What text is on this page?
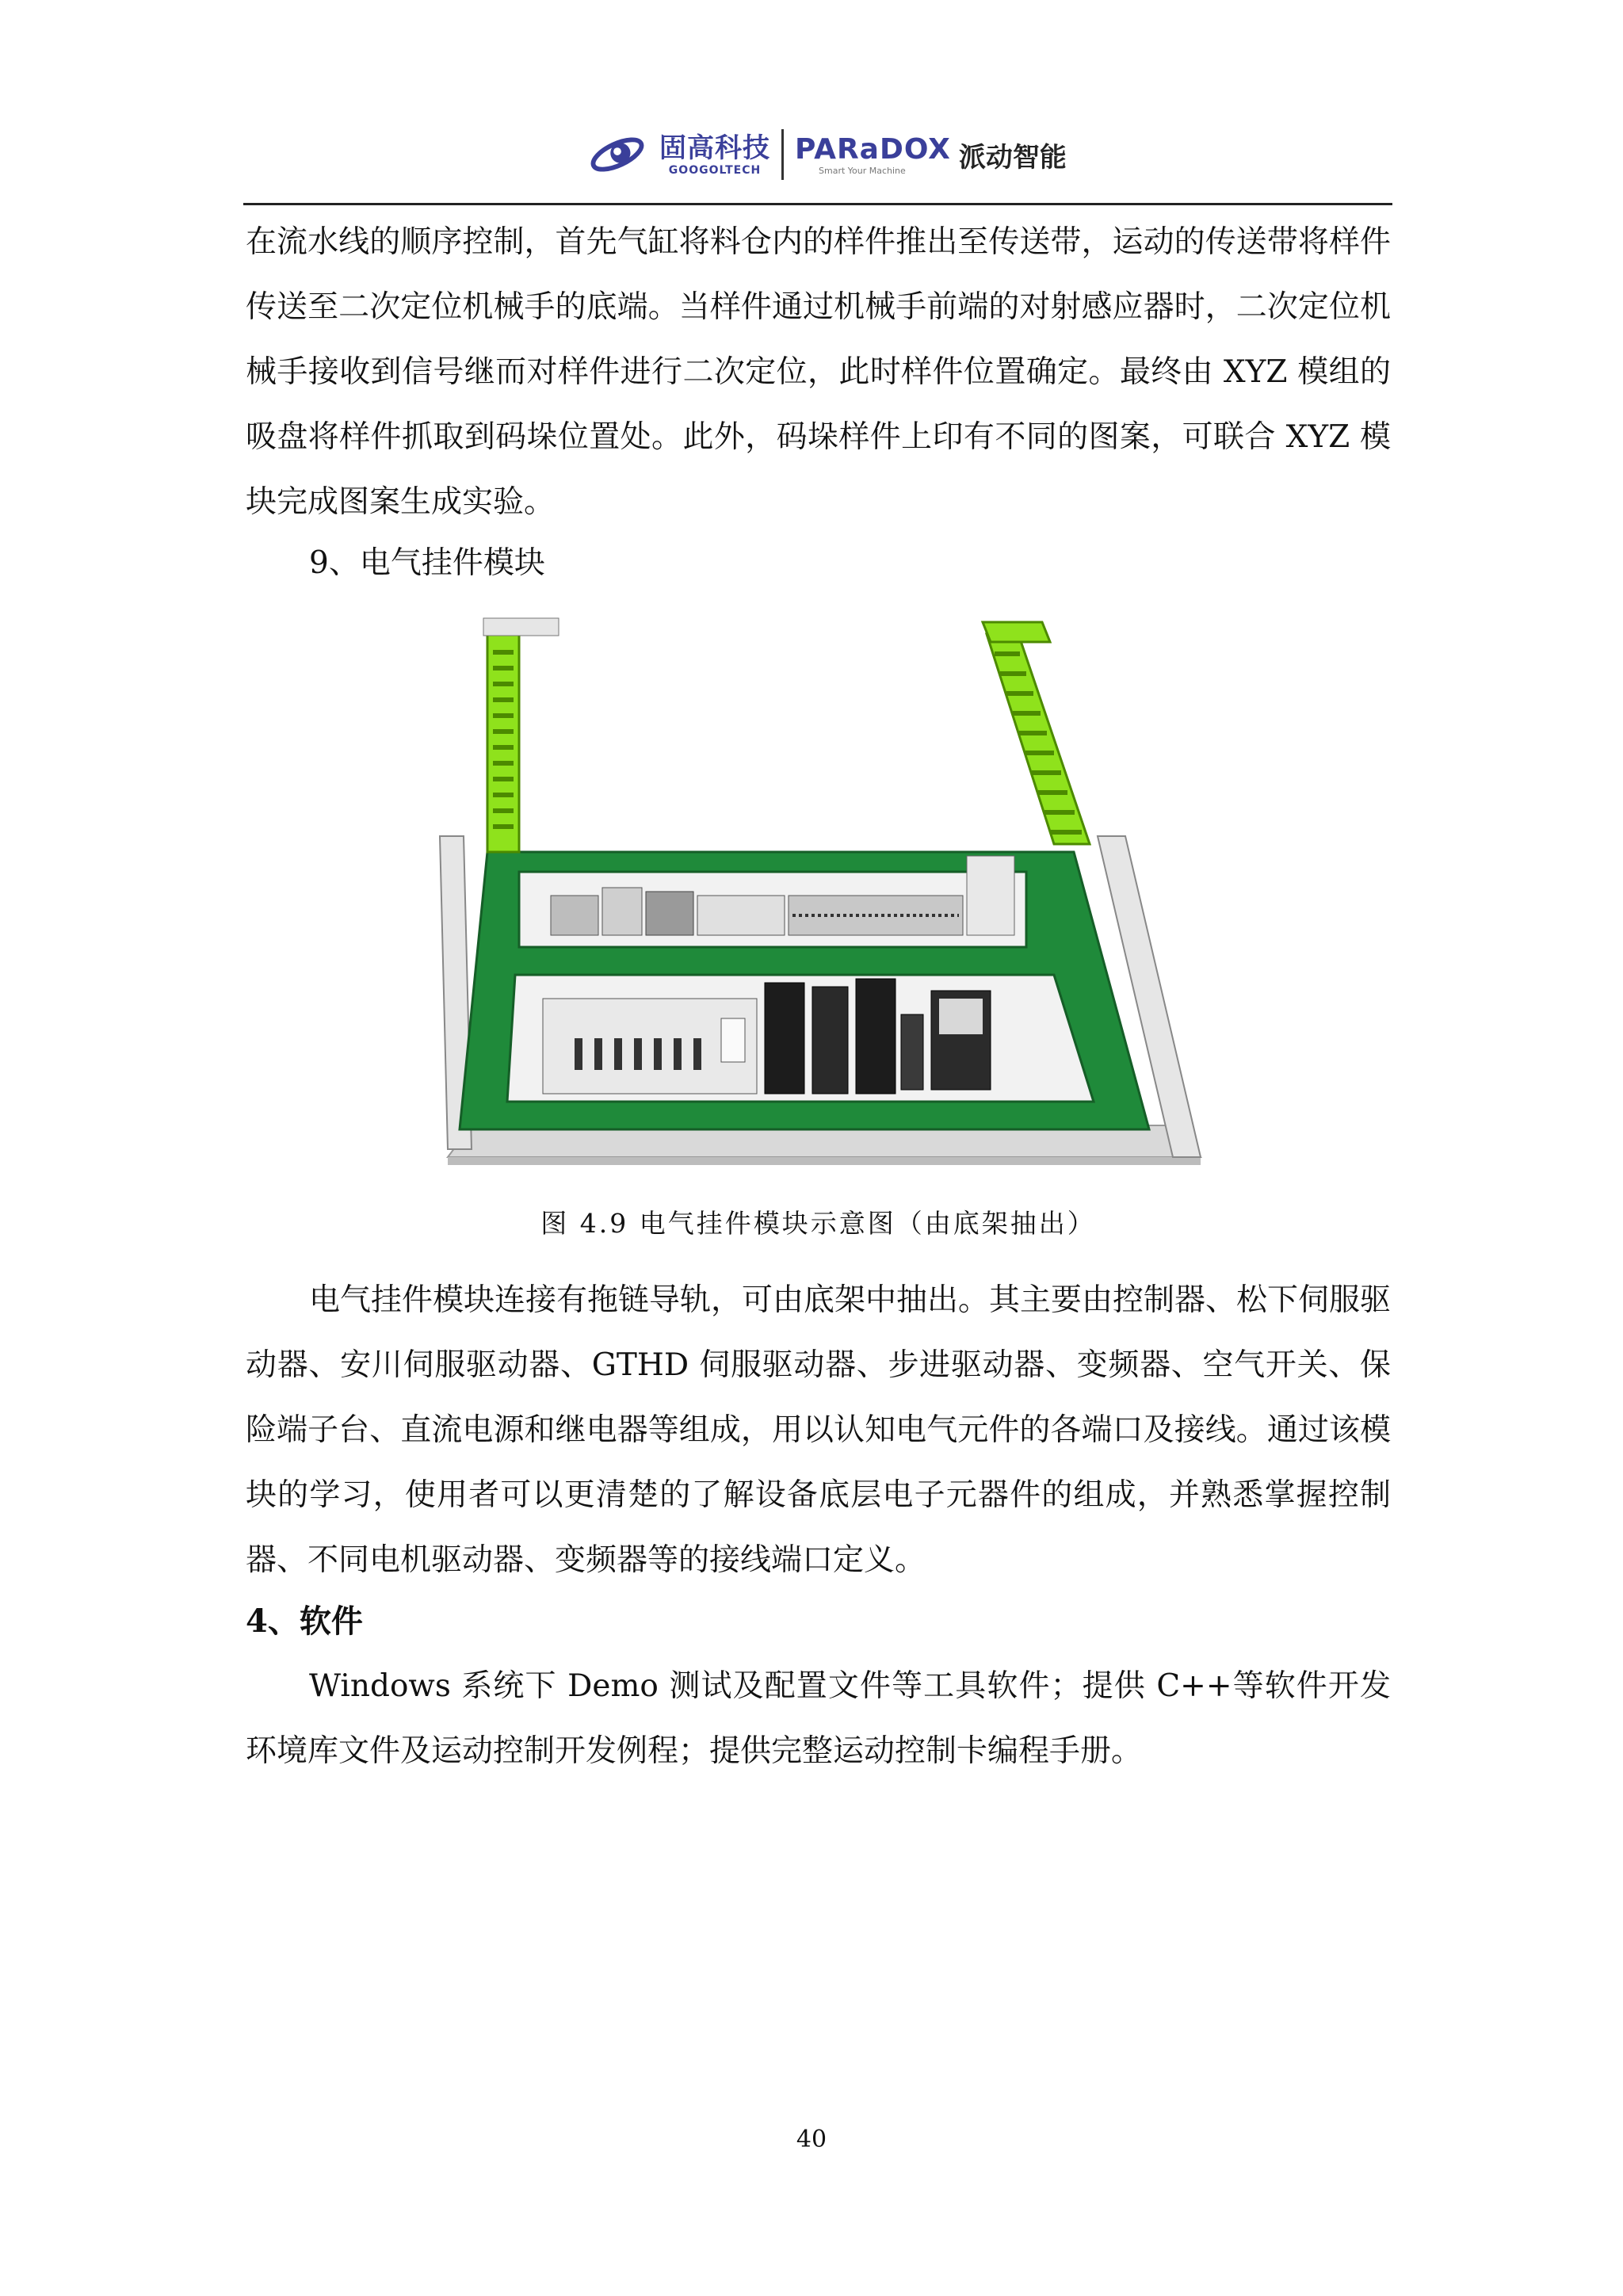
固高科技
GOOGOLTECH
PARaDOX
Smart Your Machine	派动智能

在流水线的顺序控制，首先气缸将料仓内的样件推出至传送带，运动的传送带将样件传送至二次定位机械手的底端。当样件通过机械手前端的对射感应器时，二次定位机械手接收到信号继而对样件进行二次定位，此时样件位置确定。最终由 XYZ 模组的吸盘将样件抓取到码垛位置处。此外，码垛样件上印有不同的图案，可联合 XYZ 模块完成图案生成实验。

9、电气挂件模块
图 4.9 电气挂件模块示意图（由底架抽出）

电气挂件模块连接有拖链导轨，可由底架中抽出。其主要由控制器、松下伺服驱动器、安川伺服驱动器、GTHD 伺服驱动器、步进驱动器、变频器、空气开关、保险端子台、直流电源和继电器等组成，用以认知电气元件的各端口及接线。通过该模块的学习，使用者可以更清楚的了解设备底层电子元器件的组成，并熟悉掌握控制器、不同电机驱动器、变频器等的接线端口定义。

4、软件

Windows 系统下 Demo 测试及配置文件等工具软件；提供 C++等软件开发环境库文件及运动控制开发例程；提供完整运动控制卡编程手册。

40
